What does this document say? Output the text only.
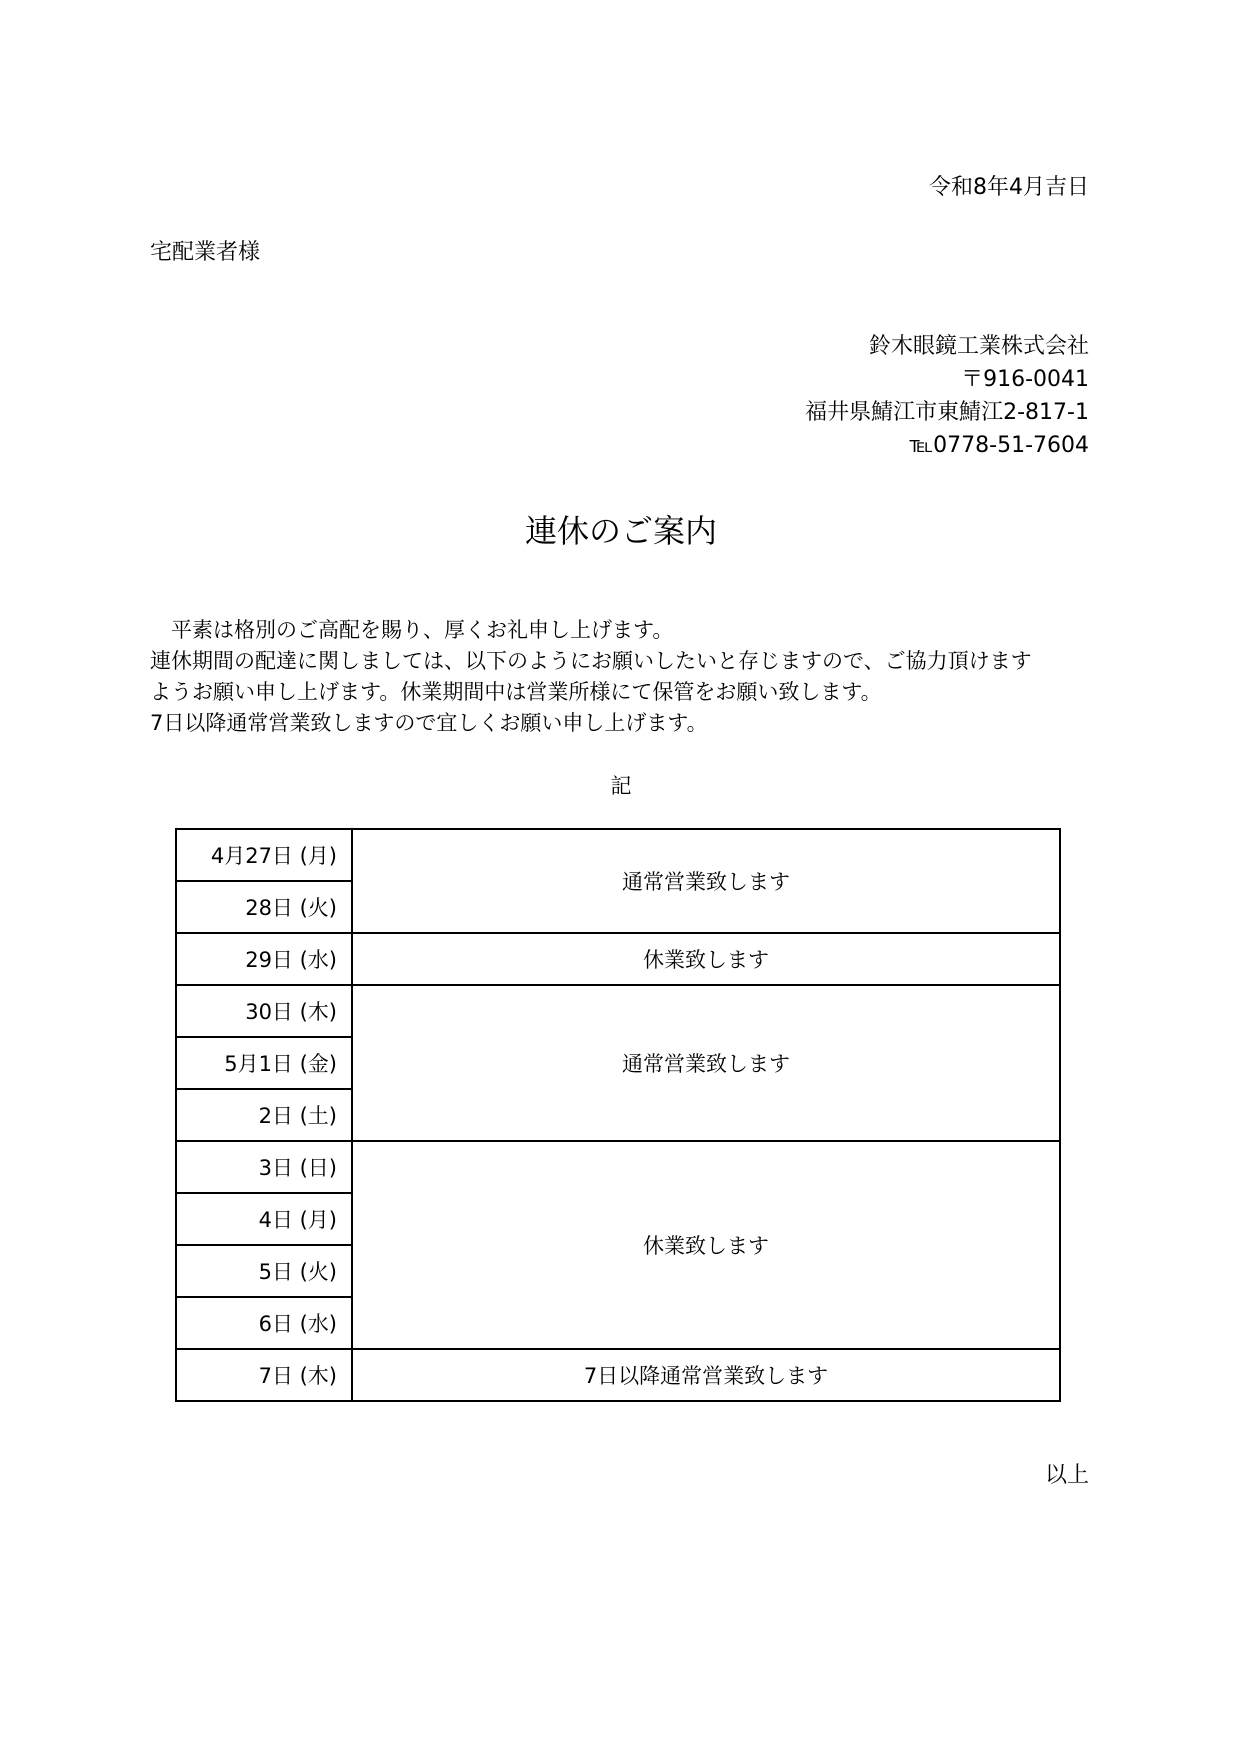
令和8年4月吉日
宅配業者様
鈴木眼鏡工業株式会社
〒916-0041
福井県鯖江市東鯖江2-817-1
℡0778-51-7604
連休のご案内

平素は格別のご高配を賜り、厚くお礼申し上げます。

連休期間の配達に関しましては、以下のようにお願いしたいと存じますので、ご協力頂けます

ようお願い申し上げます。休業期間中は営業所様にて保管をお願い致します。

7日以降通常営業致しますので宜しくお願い申し上げます。

記
4月27日 (月)	通常営業致します
28日 (火)	
29日 (水)	休業致します
30日 (木)	通常営業致します
5月1日 (金)	
2日 (土)	
3日 (日)	休業致します
4日 (月)	
5日 (火)	
6日 (水)	
7日 (木)	7日以降通常営業致します
以上
